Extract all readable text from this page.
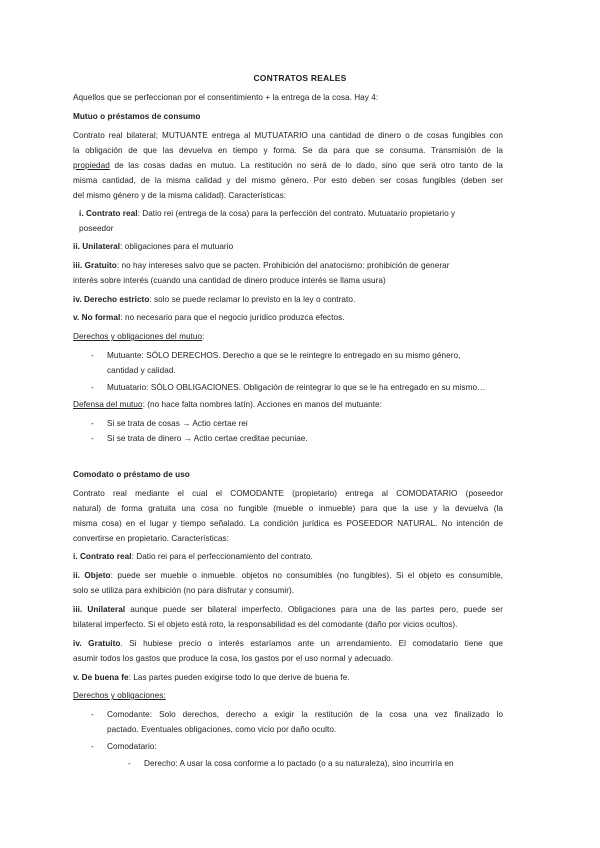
CONTRATOS REALES
Aquellos que se perfeccionan por el consentimiento + la entrega de la cosa. Hay 4:
Mutuo o préstamos de consumo
Contrato real bilateral; MUTUANTE entrega al MUTUATARIO una cantidad de dinero o de cosas fungibles con
la obligación de que las devuelva en tiempo y forma. Se da para que se consuma. Transmisión de la
propiedad de las cosas dadas en mutuo. La restitución no será de lo dado, sino que será otro tanto de la
misma cantidad, de la misma calidad y del mismo género. Por esto deben ser cosas fungibles (deben ser
del mismo género y de la misma calidad). Características:
i. Contrato real: Datio rei (entrega de la cosa) para la perfección del contrato. Mutuatario propietario y
poseedor
ii. Unilateral: obligaciones para el mutuario
iii. Gratuito: no hay intereses salvo que se pacten. Prohibición del anatocismo: prohibición de generar
interés sobre interés (cuando una cantidad de dinero produce interés se llama usura)
iv. Derecho estricto: solo se puede reclamar lo previsto en la ley o contrato.
v. No formal: no necesario para que el negocio jurídico produzca efectos.
Derechos y obligaciones del mutuo:
- Mutuante: SÓLO DERECHOS. Derecho a que se le reintegre lo entregado en su mismo género,
cantidad y calidad.
- Mutuatario: SÓLO OBLIGACIONES. Obligación de reintegrar lo que se le ha entregado en su mismo…
Defensa del mutuo: (no hace falta nombres latín). Acciones en manos del mutuante:
- Si se trata de cosas → Actio certae rei
- Si se trata de dinero → Actio certae creditae pecuniae.
Comodato o préstamo de uso
Contrato real mediante el cual el COMODANTE (propietario) entrega al COMODATARIO (poseedor
natural) de forma gratuita una cosa no fungible (mueble o inmueble) para que la use y la devuelva (la
misma cosa) en el lugar y tiempo señalado. La condición jurídica es POSEEDOR NATURAL. No intención de
convertirse en propietario. Características:
i. Contrato real: Datio rei para el perfeccionamiento del contrato.
ii. Objeto: puede ser mueble o inmueble. objetos no consumibles (no fungibles). Si el objeto es consumible,
solo se utiliza para exhibición (no para disfrutar y consumir).
iii. Unilateral aunque puede ser bilateral imperfecto. Obligaciones para una de las partes pero, puede ser
bilateral imperfecto. Si el objeto está roto, la responsabilidad es del comodante (daño por vicios ocultos).
iv. Gratuito. Si hubiese precio o interés estaríamos ante un arrendamiento. El comodatario tiene que
asumir todos los gastos que produce la cosa, los gastos por el uso normal y adecuado.
v. De buena fe: Las partes pueden exigirse todo lo que derive de buena fe.
Derechos y obligaciones:
- Comodante: Solo derechos, derecho a exigir la restitución de la cosa una vez finalizado lo
pactado. Eventuales obligaciones, como vicio por daño oculto.
- Comodatario:
- Derecho: A usar la cosa conforme a lo pactado (o a su naturaleza), sino incurriría en
